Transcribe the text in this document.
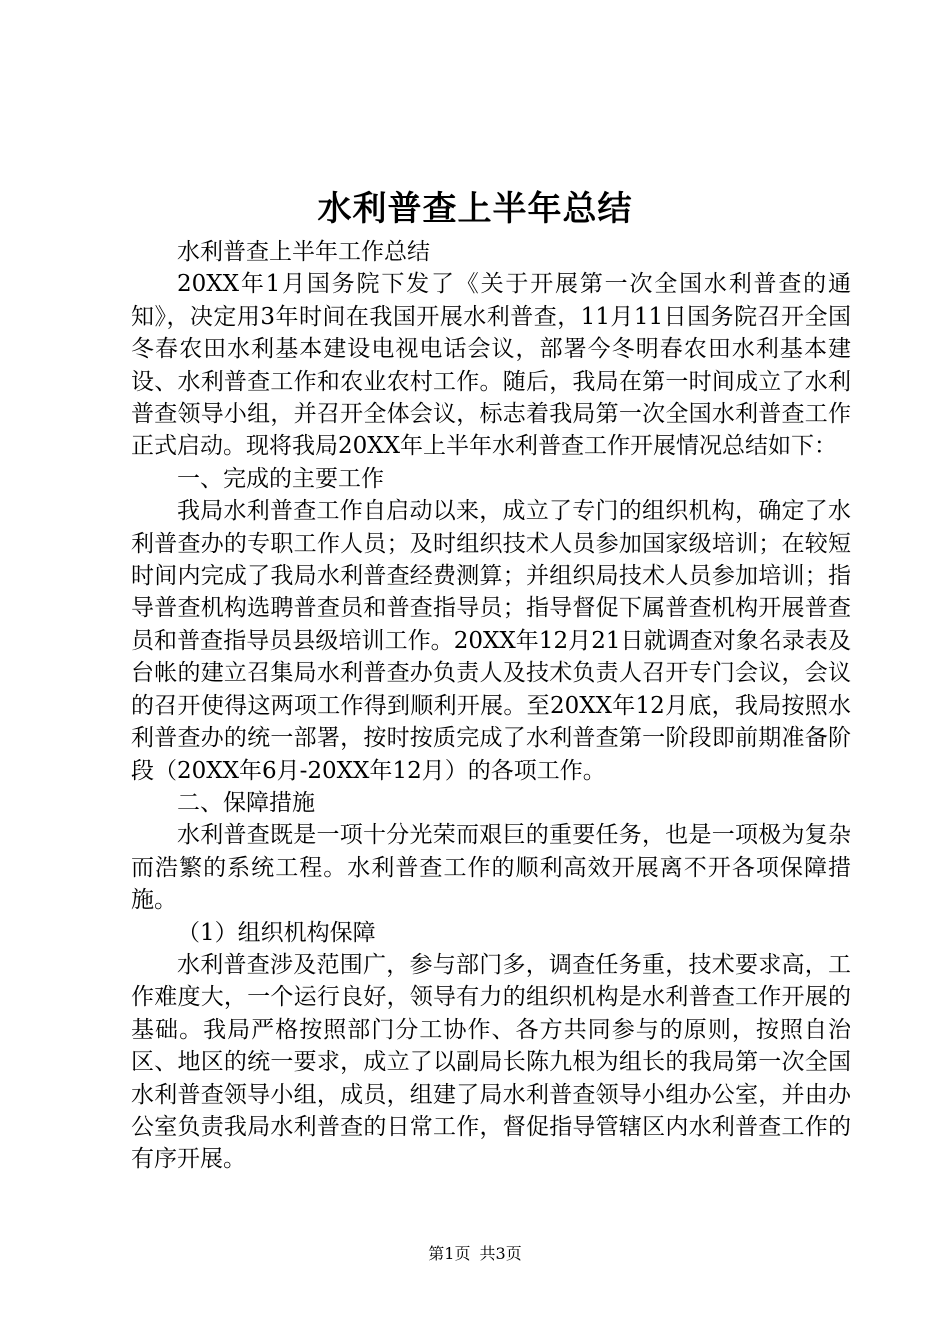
水利普查上半年总结

水利普查上半年工作总结

20XX年1月国务院下发了《关于开展第一次全国水利普查的通知》，决定用3年时间在我国开展水利普查，11月11日国务院召开全国冬春农田水利基本建设电视电话会议，部署今冬明春农田水利基本建设、水利普查工作和农业农村工作。随后，我局在第一时间成立了水利普查领导小组，并召开全体会议，标志着我局第一次全国水利普查工作正式启动。现将我局20XX年上半年水利普查工作开展情况总结如下：

一、完成的主要工作

我局水利普查工作自启动以来，成立了专门的组织机构，确定了水利普查办的专职工作人员；及时组织技术人员参加国家级培训；在较短时间内完成了我局水利普查经费测算；并组织局技术人员参加培训；指导普查机构选聘普查员和普查指导员；指导督促下属普查机构开展普查员和普查指导员县级培训工作。20XX年12月21日就调查对象名录表及台帐的建立召集局水利普查办负责人及技术负责人召开专门会议，会议的召开使得这两项工作得到顺利开展。至20XX年12月底，我局按照水利普查办的统一部署，按时按质完成了水利普查第一阶段即前期准备阶段（20XX年6月-20XX年12月）的各项工作。

二、保障措施

水利普查既是一项十分光荣而艰巨的重要任务，也是一项极为复杂而浩繁的系统工程。水利普查工作的顺利高效开展离不开各项保障措施。

（1）组织机构保障

水利普查涉及范围广，参与部门多，调查任务重，技术要求高，工作难度大，一个运行良好，领导有力的组织机构是水利普查工作开展的基础。我局严格按照部门分工协作、各方共同参与的原则，按照自治区、地区的统一要求，成立了以副局长陈九根为组长的我局第一次全国水利普查领导小组，成员，组建了局水利普查领导小组办公室，并由办公室负责我局水利普查的日常工作，督促指导管辖区内水利普查工作的有序开展。

第1页 共3页
